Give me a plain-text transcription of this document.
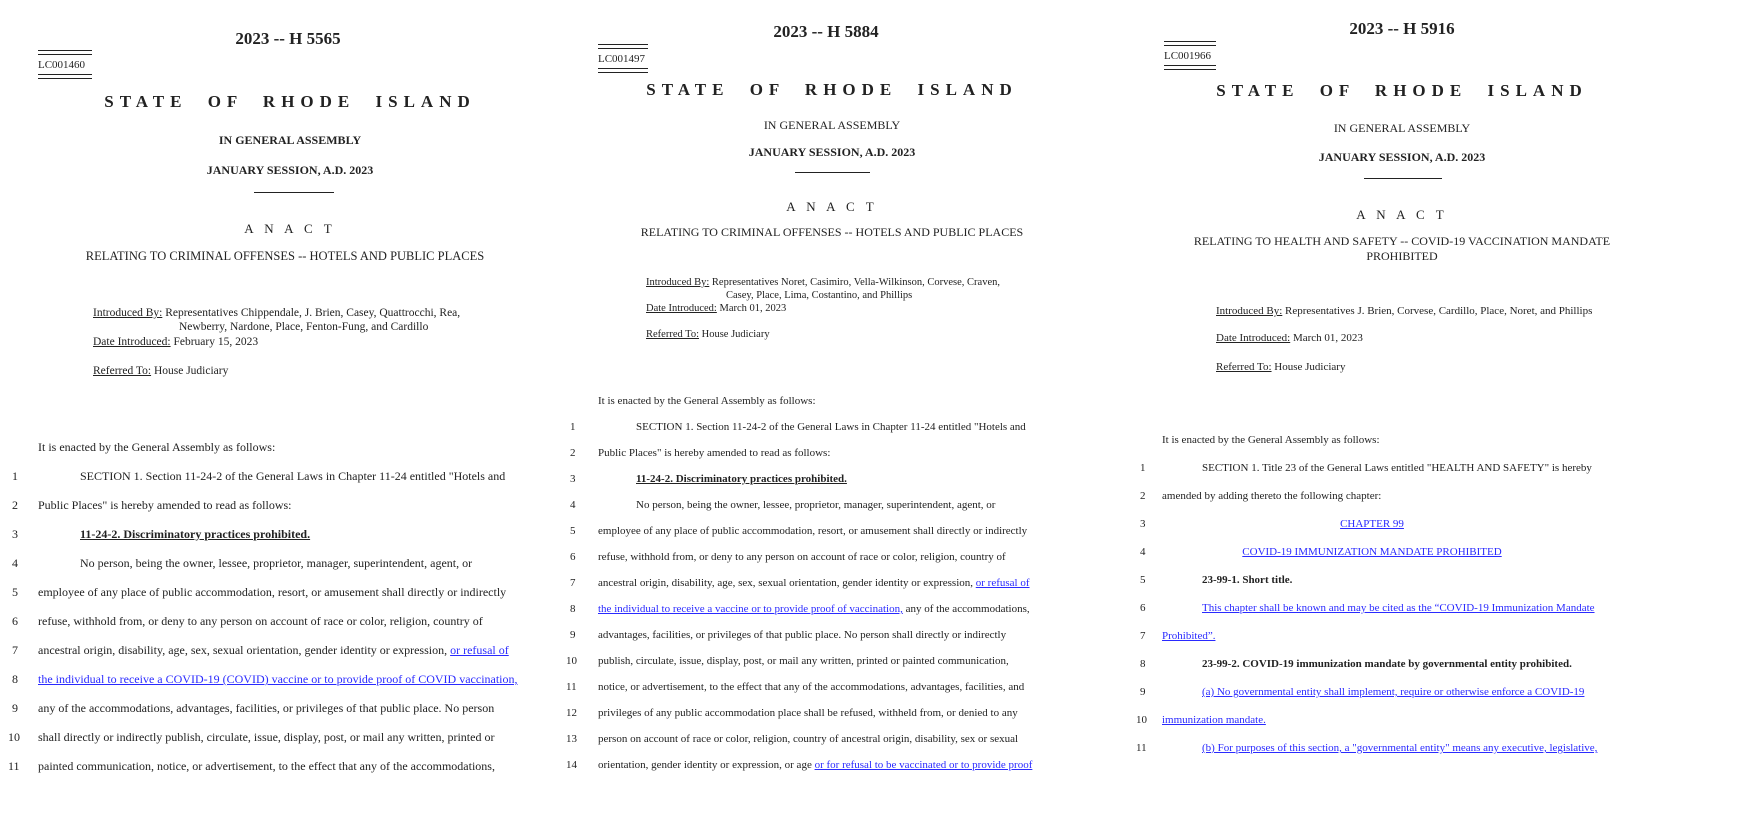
2023 -- H 5565
LC001460
STATE OF RHODE ISLAND
IN GENERAL ASSEMBLY
JANUARY SESSION, A.D. 2023
A N A C T
RELATING TO CRIMINAL OFFENSES -- HOTELS AND PUBLIC PLACES
Introduced By: Representatives Chippendale, J. Brien, Casey, Quattrocchi, Rea,
Newberry, Nardone, Place, Fenton-Fung, and Cardillo
Date Introduced: February 15, 2023
Referred To: House Judiciary
It is enacted by the General Assembly as follows:
1	SECTION 1. Section 11-24-2 of the General Laws in Chapter 11-24 entitled "Hotels and
2 Public Places" is hereby amended to read as follows:
3	11-24-2. Discriminatory practices prohibited.
4	No person, being the owner, lessee, proprietor, manager, superintendent, agent, or
5 employee of any place of public accommodation, resort, or amusement shall directly or indirectly
6 refuse, withhold from, or deny to any person on account of race or color, religion, country of
7 ancestral origin, disability, age, sex, sexual orientation, gender identity or expression, or refusal of
8 the individual to receive a COVID-19 (COVID) vaccine or to provide proof of COVID vaccination,
9 any of the accommodations, advantages, facilities, or privileges of that public place. No person
10 shall directly or indirectly publish, circulate, issue, display, post, or mail any written, printed or
11 painted communication, notice, or advertisement, to the effect that any of the accommodations,
2023 -- H 5884
LC001497
STATE OF RHODE ISLAND
IN GENERAL ASSEMBLY
JANUARY SESSION, A.D. 2023
A N A C T
RELATING TO CRIMINAL OFFENSES -- HOTELS AND PUBLIC PLACES
Introduced By: Representatives Noret, Casimiro, Vella-Wilkinson, Corvese, Craven,
Casey, Place, Lima, Costantino, and Phillips
Date Introduced: March 01, 2023
Referred To: House Judiciary
It is enacted by the General Assembly as follows:
1	SECTION 1. Section 11-24-2 of the General Laws in Chapter 11-24 entitled "Hotels and
2 Public Places" is hereby amended to read as follows:
3	11-24-2. Discriminatory practices prohibited.
4	No person, being the owner, lessee, proprietor, manager, superintendent, agent, or
5 employee of any place of public accommodation, resort, or amusement shall directly or indirectly
6 refuse, withhold from, or deny to any person on account of race or color, religion, country of
7 ancestral origin, disability, age, sex, sexual orientation, gender identity or expression, or refusal of
8 the individual to receive a vaccine or to provide proof of vaccination, any of the accommodations,
9 advantages, facilities, or privileges of that public place. No person shall directly or indirectly
10 publish, circulate, issue, display, post, or mail any written, printed or painted communication,
11 notice, or advertisement, to the effect that any of the accommodations, advantages, facilities, and
12 privileges of any public accommodation place shall be refused, withheld from, or denied to any
13 person on account of race or color, religion, country of ancestral origin, disability, sex or sexual
14 orientation, gender identity or expression, or age or for refusal to be vaccinated or to provide proof
2023 -- H 5916
LC001966
STATE OF RHODE ISLAND
IN GENERAL ASSEMBLY
JANUARY SESSION, A.D. 2023
A N A C T
RELATING TO HEALTH AND SAFETY -- COVID-19 VACCINATION MANDATE
PROHIBITED
Introduced By: Representatives J. Brien, Corvese, Cardillo, Place, Noret, and Phillips
Date Introduced: March 01, 2023
Referred To: House Judiciary
It is enacted by the General Assembly as follows:
1	SECTION 1. Title 23 of the General Laws entitled "HEALTH AND SAFETY" is hereby
2 amended by adding thereto the following chapter:
3	CHAPTER 99
4	COVID-19 IMMUNIZATION MANDATE PROHIBITED
5	23-99-1. Short title.
6	This chapter shall be known and may be cited as the “COVID-19 Immunization Mandate
7 Prohibited”.
8	23-99-2. COVID-19 immunization mandate by governmental entity prohibited.
9	(a) No governmental entity shall implement, require or otherwise enforce a COVID-19
10 immunization mandate.
11	(b) For purposes of this section, a "governmental entity" means any executive, legislative,
